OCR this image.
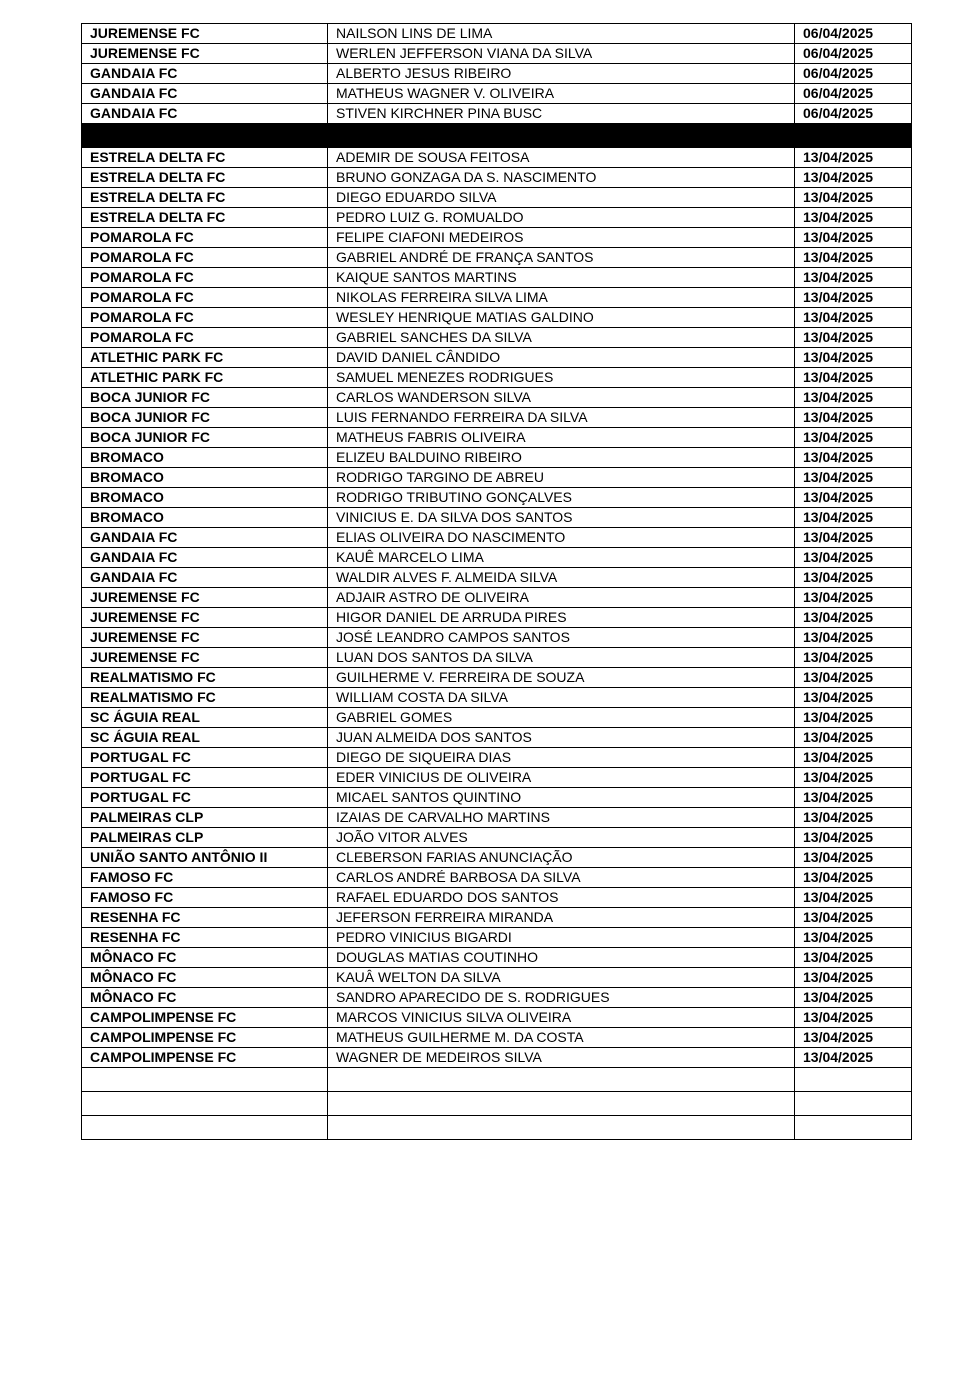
JUREMENSE FC	NAILSON LINS DE LIMA	06/04/2025
JUREMENSE FC	WERLEN JEFFERSON VIANA DA SILVA	06/04/2025
GANDAIA FC	ALBERTO JESUS RIBEIRO	06/04/2025
GANDAIA FC	MATHEUS WAGNER V. OLIVEIRA	06/04/2025
GANDAIA FC	STIVEN KIRCHNER PINA BUSC	06/04/2025

ESTRELA DELTA FC	ADEMIR DE SOUSA FEITOSA	13/04/2025
ESTRELA DELTA FC	BRUNO GONZAGA DA S. NASCIMENTO	13/04/2025
ESTRELA DELTA FC	DIEGO EDUARDO SILVA	13/04/2025
ESTRELA DELTA FC	PEDRO LUIZ G. ROMUALDO	13/04/2025
POMAROLA FC	FELIPE CIAFONI MEDEIROS	13/04/2025
POMAROLA FC	GABRIEL ANDRÉ DE FRANÇA SANTOS	13/04/2025
POMAROLA FC	KAIQUE SANTOS MARTINS	13/04/2025
POMAROLA FC	NIKOLAS FERREIRA SILVA LIMA	13/04/2025
POMAROLA FC	WESLEY HENRIQUE MATIAS GALDINO	13/04/2025
POMAROLA FC	GABRIEL SANCHES DA SILVA	13/04/2025
ATLETHIC PARK FC	DAVID DANIEL CÂNDIDO	13/04/2025
ATLETHIC PARK FC	SAMUEL MENEZES RODRIGUES	13/04/2025
BOCA JUNIOR FC	CARLOS WANDERSON SILVA	13/04/2025
BOCA JUNIOR FC	LUIS FERNANDO FERREIRA DA SILVA	13/04/2025
BOCA JUNIOR FC	MATHEUS FABRIS OLIVEIRA	13/04/2025
BROMACO	ELIZEU BALDUINO RIBEIRO	13/04/2025
BROMACO	RODRIGO TARGINO DE ABREU	13/04/2025
BROMACO	RODRIGO TRIBUTINO GONÇALVES	13/04/2025
BROMACO	VINICIUS E. DA SILVA DOS SANTOS	13/04/2025
GANDAIA FC	ELIAS OLIVEIRA DO NASCIMENTO	13/04/2025
GANDAIA FC	KAUÊ MARCELO LIMA	13/04/2025
GANDAIA FC	WALDIR ALVES F. ALMEIDA SILVA	13/04/2025
JUREMENSE FC	ADJAIR ASTRO DE OLIVEIRA	13/04/2025
JUREMENSE FC	HIGOR DANIEL DE ARRUDA PIRES	13/04/2025
JUREMENSE FC	JOSÉ LEANDRO CAMPOS SANTOS	13/04/2025
JUREMENSE FC	LUAN DOS SANTOS DA SILVA	13/04/2025
REALMATISMO FC	GUILHERME V. FERREIRA DE SOUZA	13/04/2025
REALMATISMO FC	WILLIAM COSTA DA SILVA	13/04/2025
SC ÁGUIA REAL	GABRIEL GOMES	13/04/2025
SC ÁGUIA REAL	JUAN ALMEIDA DOS SANTOS	13/04/2025
PORTUGAL FC	DIEGO DE SIQUEIRA DIAS	13/04/2025
PORTUGAL FC	EDER VINICIUS DE OLIVEIRA	13/04/2025
PORTUGAL FC	MICAEL SANTOS QUINTINO	13/04/2025
PALMEIRAS CLP	IZAIAS DE CARVALHO MARTINS	13/04/2025
PALMEIRAS CLP	JOÃO VITOR ALVES	13/04/2025
UNIÃO SANTO ANTÔNIO II	CLEBERSON FARIAS ANUNCIAÇÃO	13/04/2025
FAMOSO FC	CARLOS ANDRÉ BARBOSA DA SILVA	13/04/2025
FAMOSO FC	RAFAEL EDUARDO DOS SANTOS	13/04/2025
RESENHA FC	JEFERSON FERREIRA MIRANDA	13/04/2025
RESENHA FC	PEDRO VINICIUS BIGARDI	13/04/2025
MÔNACO FC	DOUGLAS MATIAS COUTINHO	13/04/2025
MÔNACO FC	KAUÂ WELTON DA SILVA	13/04/2025
MÔNACO FC	SANDRO APARECIDO DE S. RODRIGUES	13/04/2025
CAMPOLIMPENSE FC	MARCOS VINICIUS SILVA OLIVEIRA	13/04/2025
CAMPOLIMPENSE FC	MATHEUS GUILHERME M. DA COSTA	13/04/2025
CAMPOLIMPENSE FC	WAGNER DE MEDEIROS SILVA	13/04/2025
